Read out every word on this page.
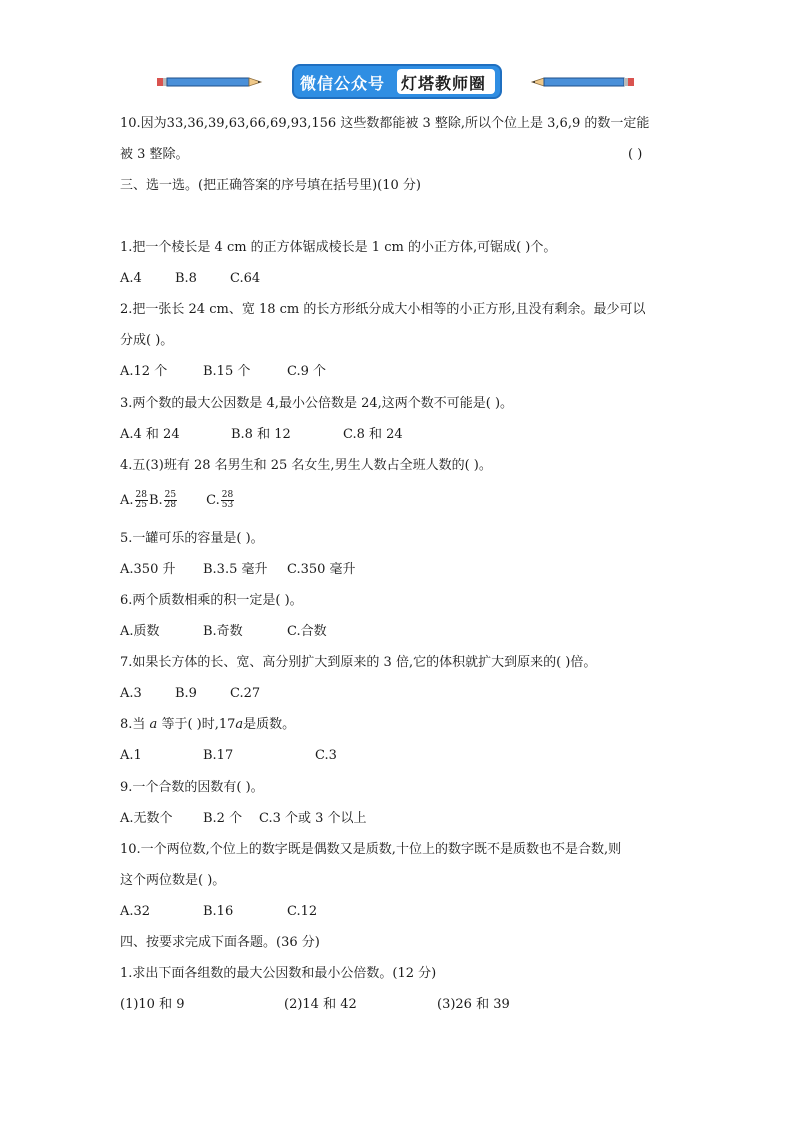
微信公众号 灯塔教师圈
10.因为33,36,39,63,66,69,93,156 这些数都能被 3 整除,所以个位上是 3,6,9 的数一定能
被 3 整除。	( )
三、选一选。(把正确答案的序号填在括号里)(10 分)
1.把一个棱长是 4 cm 的正方体锯成棱长是 1 cm 的小正方体,可锯成( )个。
A.4	B.8	C.64
2.把一张长 24 cm、宽 18 cm 的长方形纸分成大小相等的小正方形,且没有剩余。最少可以
分成( )。
A.12 个	B.15 个	C.9 个
3.两个数的最大公因数是 4,最小公倍数是 24,这两个数不可能是( )。
A.4 和 24	B.8 和 12	C.8 和 24
4.五(3)班有 28 名男生和 25 名女生,男生人数占全班人数的( )。
A. $\frac{28}{25} B$. $\frac{25}{28} C$. $\frac{28}{53}$
5.一罐可乐的容量是( )。
A.350 升 B.3.5 毫升 C.350 毫升
6.两个质数相乘的积一定是( )。
A.质数	B.奇数	C.合数
7.如果长方体的长、宽、高分别扩大到原来的 3 倍,它的体积就扩大到原来的( )倍。
A.3	B.9	C.27
8.当 a 等于( )时,17a是质数。
A.1	B.17	C.3
9.一个合数的因数有( )。
A.无数个 B.2 个 C.3 个或 3 个以上
10.一个两位数,个位上的数字既是偶数又是质数,十位上的数字既不是质数也不是合数,则
这个两位数是( )。
A.32	B.16	C.12
四、按要求完成下面各题。(36 分)
1.求出下面各组数的最大公因数和最小公倍数。(12 分)
(1)10 和 9	(2)14 和 42	(3)26 和 39
